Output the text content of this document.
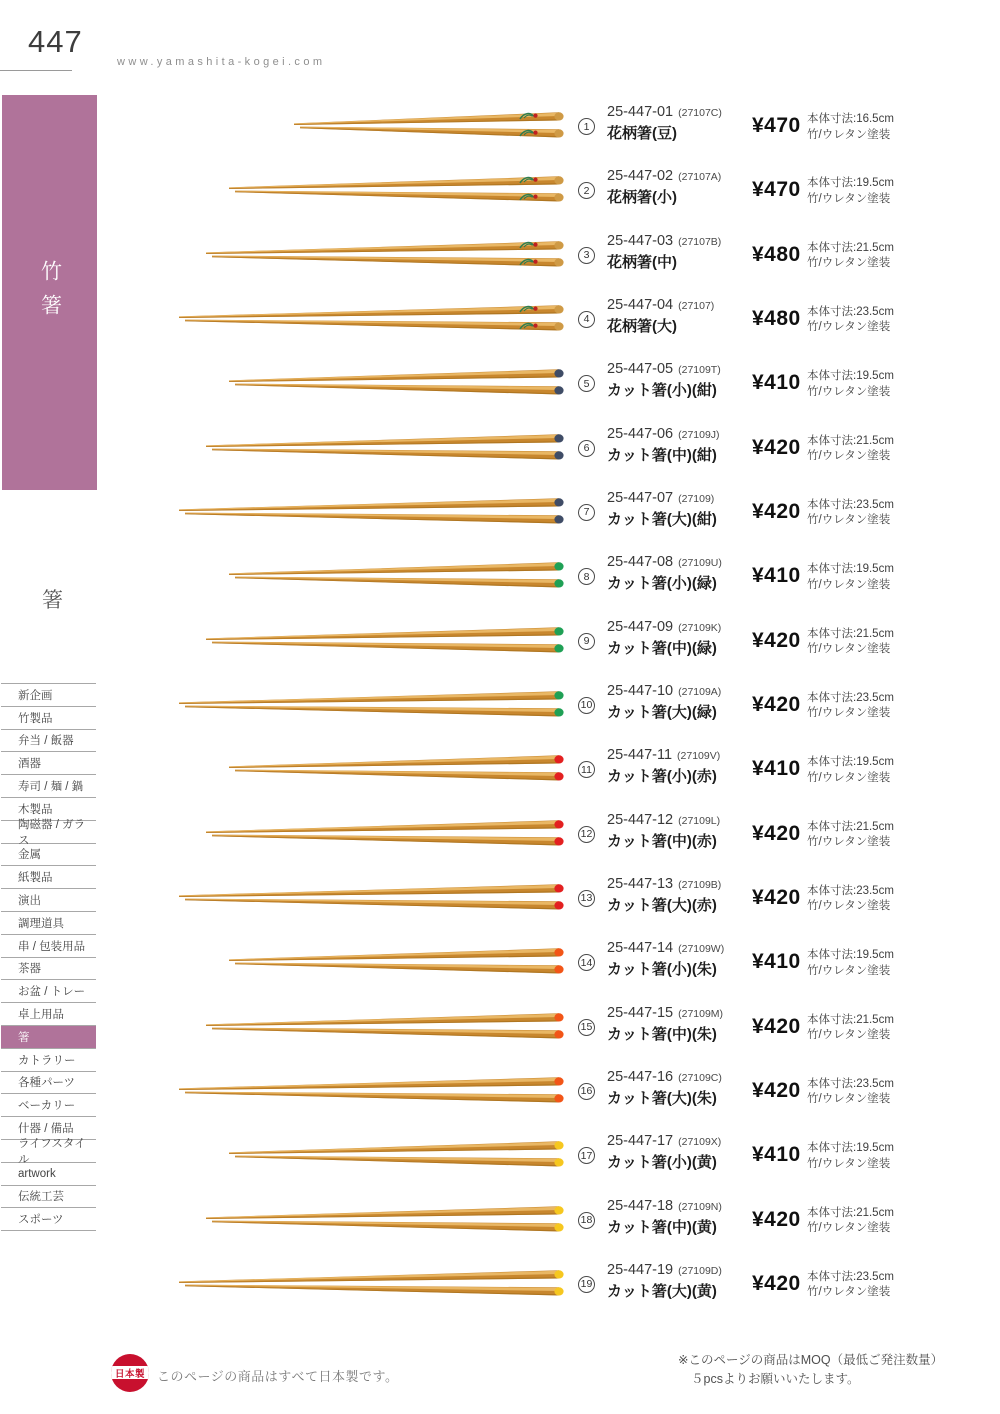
447
www.yamashita-kogei.com
竹箸
箸
新企画
竹製品
弁当 / 飯器
酒器
寿司 / 麺 / 鍋
木製品
陶磁器 / ガラス
金属
紙製品
演出
調理道具
串 / 包装用品
茶器
お盆 / トレー
卓上用品
箸
カトラリー
各種パーツ
ベーカリー
什器 / 備品
ライフスタイル
artwork
伝統工芸
スポーツ
1
25-447-01 (27107C)
花柄箸(豆)	¥470 本体寸法:16.5cm
竹/ウレタン塗装
2
25-447-02 (27107A)
花柄箸(小)	¥470 本体寸法:19.5cm
竹/ウレタン塗装
3
25-447-03 (27107B)
花柄箸(中)	¥480 本体寸法:21.5cm
竹/ウレタン塗装
4
25-447-04 (27107)
花柄箸(大)	¥480 本体寸法:23.5cm
竹/ウレタン塗装
5
25-447-05 (27109T)
カット箸(小)(紺) ¥410 本体寸法:19.5cm
竹/ウレタン塗装
6
25-447-06 (27109J)
カット箸(中)(紺) ¥420 本体寸法:21.5cm
竹/ウレタン塗装
7
25-447-07 (27109)
カット箸(大)(紺) ¥420 本体寸法:23.5cm
竹/ウレタン塗装
8
25-447-08 (27109U)
カット箸(小)(緑) ¥410 本体寸法:19.5cm
竹/ウレタン塗装
9
25-447-09 (27109K)
カット箸(中)(緑) ¥420 本体寸法:21.5cm
竹/ウレタン塗装
10
25-447-10 (27109A)
カット箸(大)(緑) ¥420 本体寸法:23.5cm
竹/ウレタン塗装
11
25-447-11 (27109V)
カット箸(小)(赤) ¥410 本体寸法:19.5cm
竹/ウレタン塗装
12
25-447-12 (27109L)
カット箸(中)(赤) ¥420 本体寸法:21.5cm
竹/ウレタン塗装
13
25-447-13 (27109B)
カット箸(大)(赤) ¥420 本体寸法:23.5cm
竹/ウレタン塗装
14
25-447-14 (27109W)
カット箸(小)(朱) ¥410 本体寸法:19.5cm
竹/ウレタン塗装
15
25-447-15 (27109M)
カット箸(中)(朱) ¥420 本体寸法:21.5cm
竹/ウレタン塗装
16
25-447-16 (27109C)
カット箸(大)(朱) ¥420 本体寸法:23.5cm
竹/ウレタン塗装
17
25-447-17 (27109X)
カット箸(小)(黄) ¥410 本体寸法:19.5cm
竹/ウレタン塗装
18
25-447-18 (27109N)
カット箸(中)(黄) ¥420 本体寸法:21.5cm
竹/ウレタン塗装
19
25-447-19 (27109D)
カット箸(大)(黄) ¥420 本体寸法:23.5cm
竹/ウレタン塗装
日本製 このページの商品はすべて日本製です。
※このページの商品はMOQ（最低ご発注数量）
５pcsよりお願いいたします。
